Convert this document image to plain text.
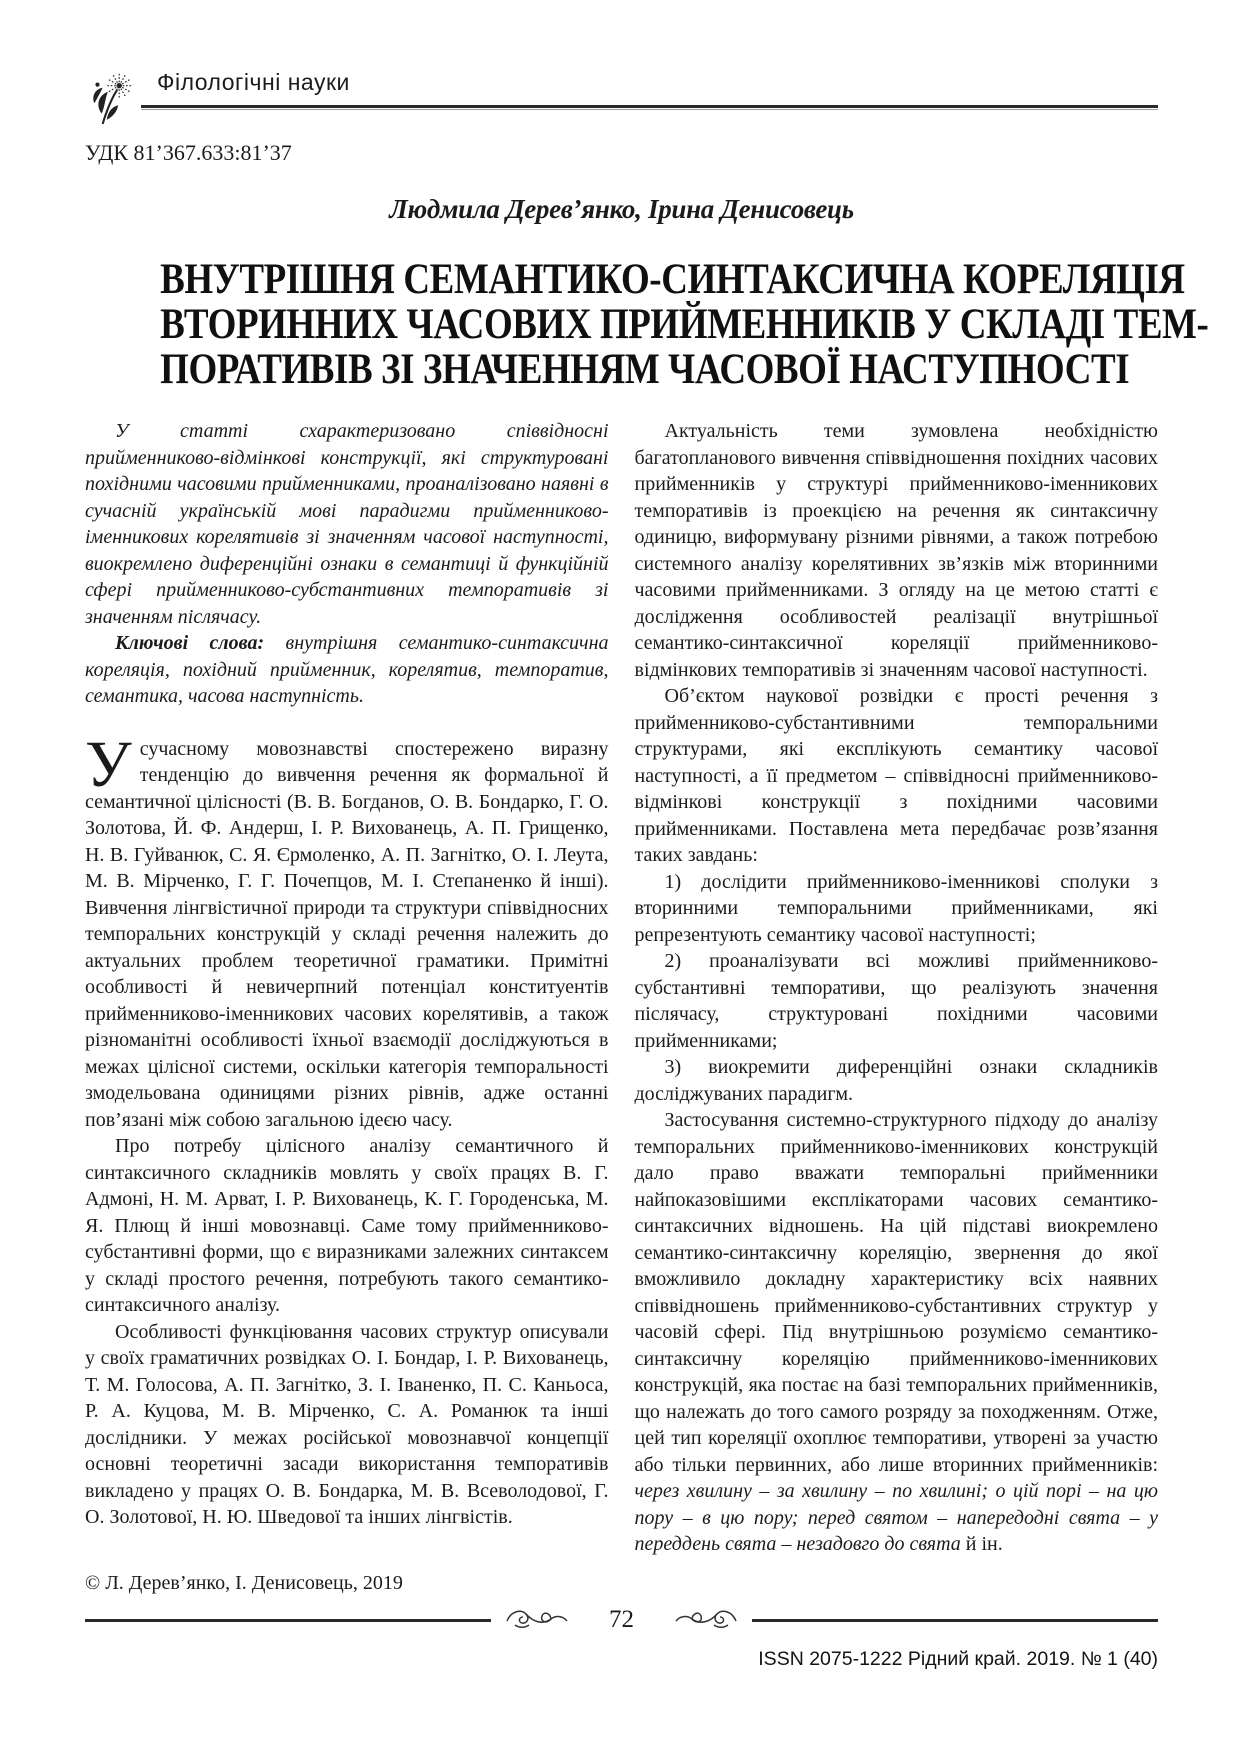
Філологічні науки
УДК 81’367.633:81’37
Людмила Дерев’янко, Ірина Денисовець
ВНУТРІШНЯ СЕМАНТИКО-СИНТАКСИЧНА КОРЕЛЯЦІЯ
ВТОРИННИХ ЧАСОВИХ ПРИЙМЕННИКІВ У СКЛАДІ ТЕМ-
ПОРАТИВІВ ЗІ ЗНАЧЕННЯМ ЧАСОВОЇ НАСТУПНОСТІ

У статті схарактеризовано співвідносні прийменниково-відмінкові конструкції, які структуровані похідними часовими прийменниками, проаналізовано наявні в сучасній українській мові парадигми прийменниково-іменникових корелятивів зі значенням часової наступності, виокремлено диференційні ознаки в семантиці й функційній сфері прийменниково-субстантивних темпоративів зі значенням післячасу.

Ключові слова: внутрішня семантико-синтаксична кореляція, похідний прийменник, корелятив, темпоратив, семантика, часова наступність.

Усучасному мовознавстві спостережено виразну тенденцію до вивчення речення як формальної й семантичної цілісності (В. В. Богданов, О. В. Бондарко, Г. О. Золотова, Й. Ф. Андерш, І. Р. Вихованець, А. П. Грищенко, Н. В. Гуйванюк, С. Я. Єрмоленко, А. П. Загнітко, О. І. Леута, М. В. Мірченко, Г. Г. Почепцов, М. І. Степаненко й інші). Вивчення лінгвістичної природи та структури співвідносних темпоральних конструкцій у складі речення належить до актуальних проблем теоретичної граматики. Примітні особливості й невичерпний потенціал конституентів прийменниково-іменникових часових корелятивів, а також різноманітні особливості їхньої взаємодії досліджуються в межах цілісної системи, оскільки категорія темпоральності змодельована одиницями різних рівнів, адже останні пов’язані між собою загальною ідеєю часу.

Про потребу цілісного аналізу семантичного й синтаксичного складників мовлять у своїх працях В. Г. Адмоні, Н. М. Арват, І. Р. Вихованець, К. Г. Городенська, М. Я. Плющ й інші мовознавці. Саме тому прийменниково-субстантивні форми, що є виразниками залежних синтаксем у складі простого речення, потребують такого семантико-синтаксичного аналізу.

Особливості функціювання часових структур описували у своїх граматичних розвідках О. І. Бондар, І. Р. Вихованець, Т. М. Голосова, А. П. Загнітко, З. І. Іваненко, П. С. Каньоса, Р. А. Куцова, М. В. Мірченко, С. А. Романюк та інші дослідники. У межах російської мовознавчої концепції основні теоретичні засади використання темпоративів викладено у працях О. В. Бондарка, М. В. Всеволодової, Г. О. Золотової, Н. Ю. Шведової та інших лінгвістів.

Актуальність теми зумовлена необхідністю багатопланового вивчення співвідношення похідних часових прийменників у структурі прийменниково-іменникових темпоративів із проекцією на речення як синтаксичну одиницю, виформувану різними рівнями, а також потребою системного аналізу корелятивних зв’язків між вторинними часовими прийменниками. З огляду на це метою статті є дослідження особливостей реалізації внутрішньої семантико-синтаксичної кореляції прийменниково-відмінкових темпоративів зі значенням часової наступності.

Об’єктом наукової розвідки є прості речення з прийменниково-субстантивними темпоральними структурами, які експлікують семантику часової наступності, а її предметом – співвідносні прийменниково-відмінкові конструкції з похідними часовими прийменниками. Поставлена мета передбачає розв’язання таких завдань:

1) дослідити прийменниково-іменникові сполуки з вторинними темпоральними прийменниками, які репрезентують семантику часової наступності;

2) проаналізувати всі можливі прийменниково-субстантивні темпоративи, що реалізують значення післячасу, структуровані похідними часовими прийменниками;

3) виокремити диференційні ознаки складників досліджуваних парадигм.

Застосування системно-структурного підходу до аналізу темпоральних прийменниково-іменникових конструкцій дало право вважати темпоральні прийменники найпоказовішими експлікаторами часових семантико-синтаксичних відношень. На цій підставі виокремлено семантико-синтаксичну кореляцію, звернення до якої вможливило докладну характеристику всіх наявних співвідношень прийменниково-субстантивних структур у часовій сфері. Під внутрішньою розуміємо семантико-синтаксичну кореляцію прийменниково-іменникових конструкцій, яка постає на базі темпоральних прийменників, що належать до того самого розряду за походженням. Отже, цей тип кореляції охоплює темпоративи, утворені за участю або тільки первинних, або лише вторинних прийменників: через хвилину – за хвилину – по хвилині; о цій порі – на цю пору – в цю пору; перед святом – напередодні свята – у переддень свята – незадовго до свята й ін.

© Л. Дерев’янко, І. Денисовець, 2019
72
ISSN 2075-1222 Рідний край. 2019. № 1 (40)
